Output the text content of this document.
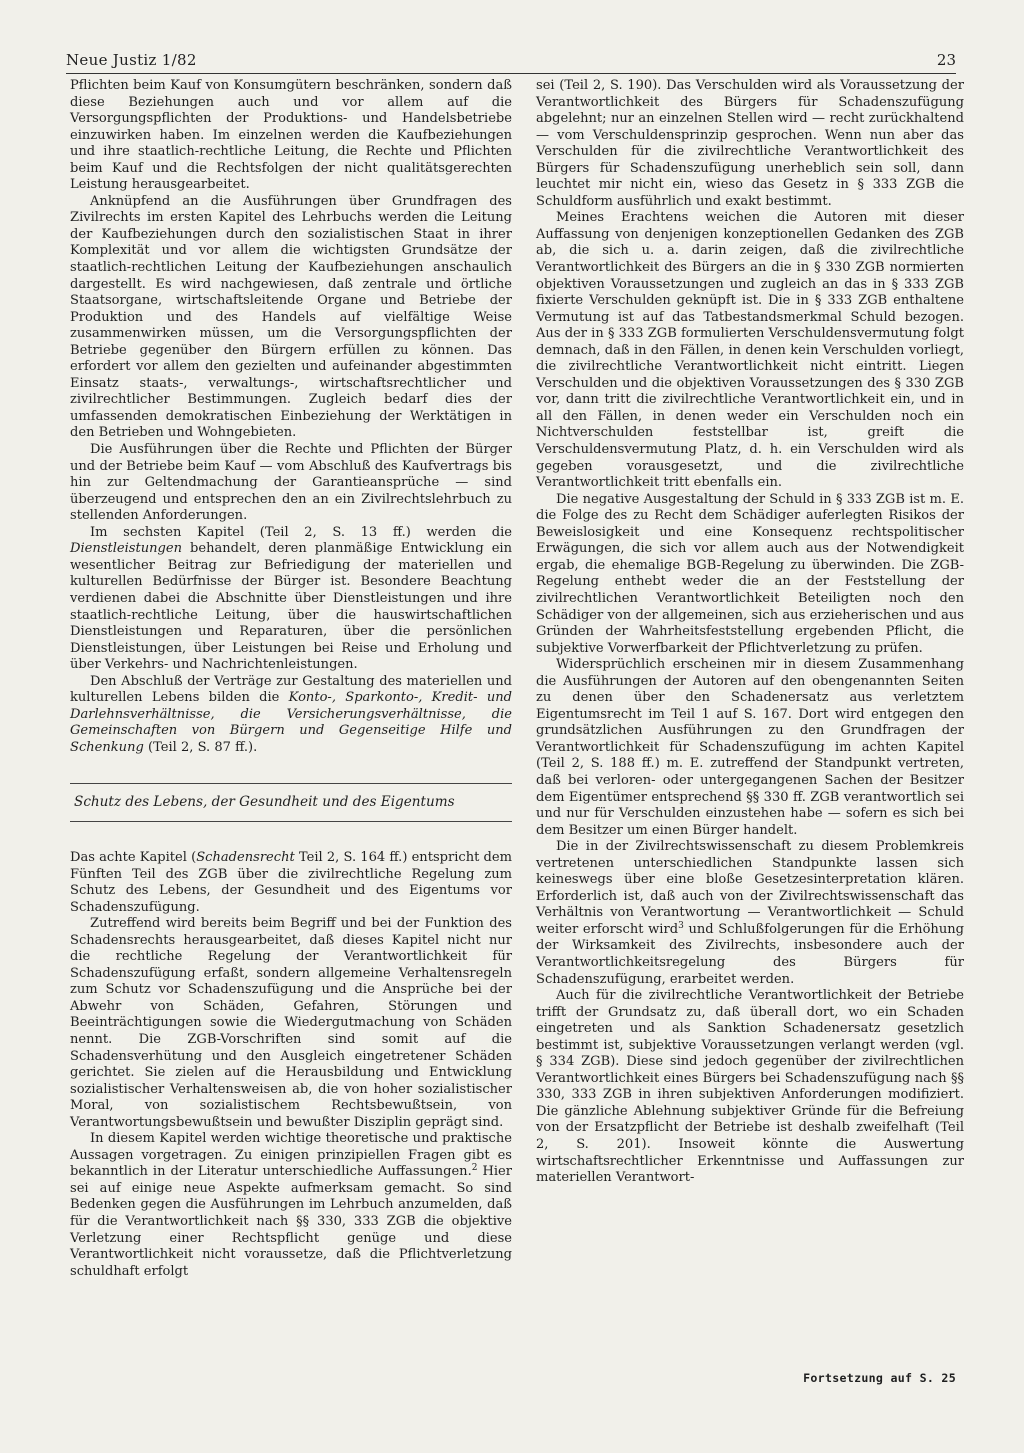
Neue Justiz 1/82	23

Pflichten beim Kauf von Konsumgütern beschränken, sondern daß diese Beziehungen auch und vor allem auf die Versorgungspflichten der Produktions- und Handelsbetriebe einzuwirken haben. Im einzelnen werden die Kaufbeziehungen und ihre staatlich-rechtliche Leitung, die Rechte und Pflichten beim Kauf und die Rechtsfolgen der nicht qualitätsgerechten Leistung herausgearbeitet.

Anknüpfend an die Ausführungen über Grundfragen des Zivilrechts im ersten Kapitel des Lehrbuchs werden die Leitung der Kaufbeziehungen durch den sozialistischen Staat in ihrer Komplexität und vor allem die wichtigsten Grundsätze der staatlich-rechtlichen Leitung der Kaufbeziehungen anschaulich dargestellt. Es wird nachgewiesen, daß zentrale und örtliche Staatsorgane, wirtschaftsleitende Organe und Betriebe der Produktion und des Handels auf vielfältige Weise zusammenwirken müssen, um die Versorgungspflichten der Betriebe gegenüber den Bürgern erfüllen zu können. Das erfordert vor allem den gezielten und aufeinander abgestimmten Einsatz staats-, verwaltungs-, wirtschaftsrechtlicher und zivilrechtlicher Bestimmungen. Zugleich bedarf dies der umfassenden demokratischen Einbeziehung der Werktätigen in den Betrieben und Wohngebieten.

Die Ausführungen über die Rechte und Pflichten der Bürger und der Betriebe beim Kauf — vom Abschluß des Kaufvertrags bis hin zur Geltendmachung der Garantieansprüche — sind überzeugend und entsprechen den an ein Zivilrechtslehrbuch zu stellenden Anforderungen.

Im sechsten Kapitel (Teil 2, S. 13 ff.) werden die Dienstleistungen behandelt, deren planmäßige Entwicklung ein wesentlicher Beitrag zur Befriedigung der materiellen und kulturellen Bedürfnisse der Bürger ist. Besondere Beachtung verdienen dabei die Abschnitte über Dienstleistungen und ihre staatlich-rechtliche Leitung, über die hauswirtschaftlichen Dienstleistungen und Reparaturen, über die persönlichen Dienstleistungen, über Leistungen bei Reise und Erholung und über Verkehrs- und Nachrichtenleistungen.

Den Abschluß der Verträge zur Gestaltung des materiellen und kulturellen Lebens bilden die Konto-, Sparkonto-, Kredit- und Darlehnsverhältnisse, die Versicherungsverhältnisse, die Gemeinschaften von Bürgern und Gegenseitige Hilfe und Schenkung (Teil 2, S. 87 ff.).

Schutz des Lebens, der Gesundheit und des Eigentums

Das achte Kapitel (Schadensrecht Teil 2, S. 164 ff.) entspricht dem Fünften Teil des ZGB über die zivilrechtliche Regelung zum Schutz des Lebens, der Gesundheit und des Eigentums vor Schadenszufügung.

Zutreffend wird bereits beim Begriff und bei der Funktion des Schadensrechts herausgearbeitet, daß dieses Kapitel nicht nur die rechtliche Regelung der Verantwortlichkeit für Schadenszufügung erfaßt, sondern allgemeine Verhaltensregeln zum Schutz vor Schadenszufügung und die Ansprüche bei der Abwehr von Schäden, Gefahren, Störungen und Beeinträchtigungen sowie die Wiedergutmachung von Schäden nennt. Die ZGB-Vorschriften sind somit auf die Schadensverhütung und den Ausgleich eingetretener Schäden gerichtet. Sie zielen auf die Herausbildung und Entwicklung sozialistischer Verhaltensweisen ab, die von hoher sozialistischer Moral, von sozialistischem Rechtsbewußtsein, von Verantwortungsbewußtsein und bewußter Disziplin geprägt sind.

In diesem Kapitel werden wichtige theoretische und praktische Aussagen vorgetragen. Zu einigen prinzipiellen Fragen gibt es bekanntlich in der Literatur unterschiedliche Auffassungen.$^2$ Hier sei auf einige neue Aspekte aufmerksam gemacht. So sind Bedenken gegen die Ausführungen im Lehrbuch anzumelden, daß für die Verantwortlichkeit nach §§ 330, 333 ZGB die objektive Verletzung einer Rechtspflicht genüge und diese Verantwortlichkeit nicht voraussetze, daß die Pflichtverletzung schuldhaft erfolgt

sei (Teil 2, S. 190). Das Verschulden wird als Voraussetzung der Verantwortlichkeit des Bürgers für Schadenszufügung abgelehnt; nur an einzelnen Stellen wird — recht zurückhaltend — vom Verschuldensprinzip gesprochen. Wenn nun aber das Verschulden für die zivilrechtliche Verantwortlichkeit des Bürgers für Schadenszufügung unerheblich sein soll, dann leuchtet mir nicht ein, wieso das Gesetz in § 333 ZGB die Schuldform ausführlich und exakt bestimmt.

Meines Erachtens weichen die Autoren mit dieser Auffassung von denjenigen konzeptionellen Gedanken des ZGB ab, die sich u. a. darin zeigen, daß die zivilrechtliche Verantwortlichkeit des Bürgers an die in § 330 ZGB normierten objektiven Voraussetzungen und zugleich an das in § 333 ZGB fixierte Verschulden geknüpft ist. Die in § 333 ZGB enthaltene Vermutung ist auf das Tatbestandsmerkmal Schuld bezogen. Aus der in § 333 ZGB formulierten Verschuldensvermutung folgt demnach, daß in den Fällen, in denen kein Verschulden vorliegt, die zivilrechtliche Verantwortlichkeit nicht eintritt. Liegen Verschulden und die objektiven Voraussetzungen des § 330 ZGB vor, dann tritt die zivilrechtliche Verantwortlichkeit ein, und in all den Fällen, in denen weder ein Verschulden noch ein Nichtverschulden feststellbar ist, greift die Verschuldensvermutung Platz, d. h. ein Verschulden wird als gegeben vorausgesetzt, und die zivilrechtliche Verantwortlichkeit tritt ebenfalls ein.

Die negative Ausgestaltung der Schuld in § 333 ZGB ist m. E. die Folge des zu Recht dem Schädiger auferlegten Risikos der Beweislosigkeit und eine Konsequenz rechtspolitischer Erwägungen, die sich vor allem auch aus der Notwendigkeit ergab, die ehemalige BGB-Regelung zu überwinden. Die ZGB-Regelung enthebt weder die an der Feststellung der zivilrechtlichen Verantwortlichkeit Beteiligten noch den Schädiger von der allgemeinen, sich aus erzieherischen und aus Gründen der Wahrheitsfeststellung ergebenden Pflicht, die subjektive Vorwerfbarkeit der Pflichtverletzung zu prüfen.

Widersprüchlich erscheinen mir in diesem Zusammenhang die Ausführungen der Autoren auf den obengenannten Seiten zu denen über den Schadenersatz aus verletztem Eigentumsrecht im Teil 1 auf S. 167. Dort wird entgegen den grundsätzlichen Ausführungen zu den Grundfragen der Verantwortlichkeit für Schadenszufügung im achten Kapitel (Teil 2, S. 188 ff.) m. E. zutreffend der Standpunkt vertreten, daß bei verloren- oder untergegangenen Sachen der Besitzer dem Eigentümer entsprechend §§ 330 ff. ZGB verantwortlich sei und nur für Verschulden einzustehen habe — sofern es sich bei dem Besitzer um einen Bürger handelt.

Die in der Zivilrechtswissenschaft zu diesem Problemkreis vertretenen unterschiedlichen Standpunkte lassen sich keineswegs über eine bloße Gesetzesinterpretation klären. Erforderlich ist, daß auch von der Zivilrechtswissenschaft das Verhältnis von Verantwortung — Verantwortlichkeit — Schuld weiter erforscht wird$^3$ und Schlußfolgerungen für die Erhöhung der Wirksamkeit des Zivilrechts, insbesondere auch der Verantwortlichkeitsregelung des Bürgers für Schadenszufügung, erarbeitet werden.

Auch für die zivilrechtliche Verantwortlichkeit der Betriebe trifft der Grundsatz zu, daß überall dort, wo ein Schaden eingetreten und als Sanktion Schadenersatz gesetzlich bestimmt ist, subjektive Voraussetzungen verlangt werden (vgl. § 334 ZGB). Diese sind jedoch gegenüber der zivilrechtlichen Verantwortlichkeit eines Bürgers bei Schadenszufügung nach §§ 330, 333 ZGB in ihren subjektiven Anforderungen modifiziert. Die gänzliche Ablehnung subjektiver Gründe für die Befreiung von der Ersatzpflicht der Betriebe ist deshalb zweifelhaft (Teil 2, S. 201). Insoweit könnte die Auswertung wirtschaftsrechtlicher Erkenntnisse und Auffassungen zur materiellen Verantwort-

Fortsetzung auf S. 25
